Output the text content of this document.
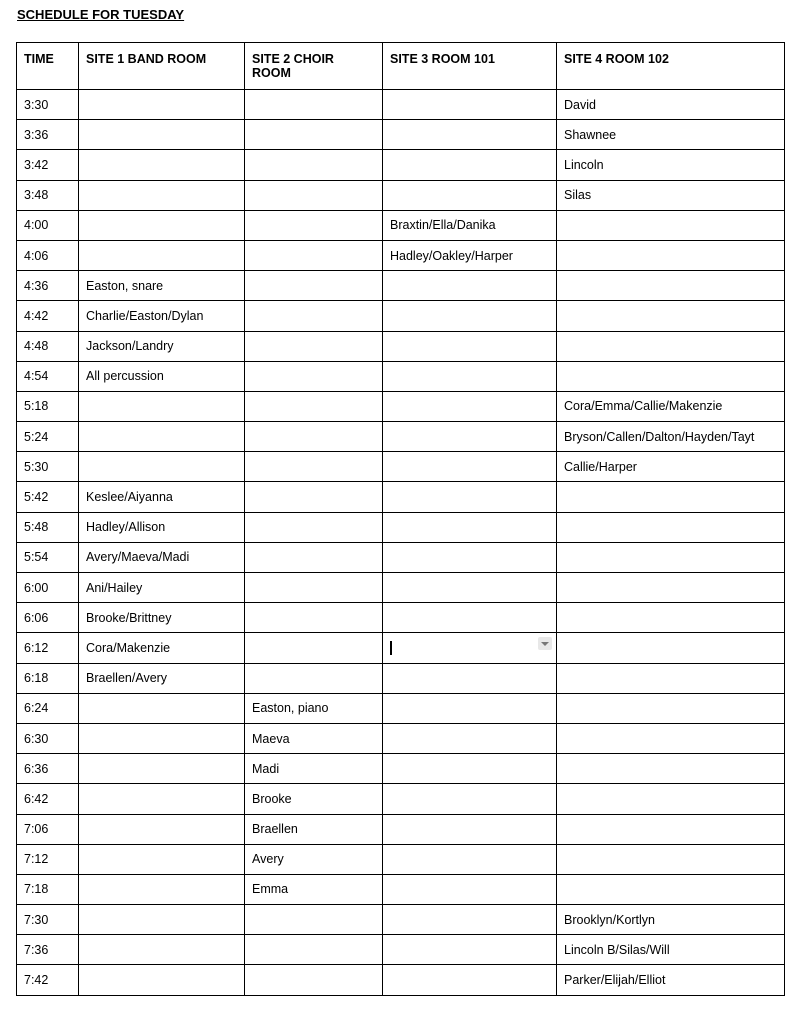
SCHEDULE FOR TUESDAY
TIME	SITE 1 BAND ROOM	SITE 2 CHOIR ROOM	SITE 3 ROOM 101	SITE 4 ROOM 102
3:30				David
3:36				Shawnee
3:42				Lincoln
3:48				Silas
4:00			Braxtin/Ella/Danika	
4:06			Hadley/Oakley/Harper	
4:36	Easton, snare			
4:42	Charlie/Easton/Dylan			
4:48	Jackson/Landry			
4:54	All percussion			
5:18				Cora/Emma/Callie/Makenzie
5:24				Bryson/Callen/Dalton/Hayden/Tayt
5:30				Callie/Harper
5:42	Keslee/Aiyanna			
5:48	Hadley/Allison			
5:54	Avery/Maeva/Madi			
6:00	Ani/Hailey			
6:06	Brooke/Brittney			
6:12	Cora/Makenzie		

6:18	Braellen/Avery			
6:24		Easton, piano		
6:30		Maeva		
6:36		Madi		
6:42		Brooke		
7:06		Braellen		
7:12		Avery		
7:18		Emma		
7:30				Brooklyn/Kortlyn
7:36				Lincoln B/Silas/Will
7:42				Parker/Elijah/Elliot
